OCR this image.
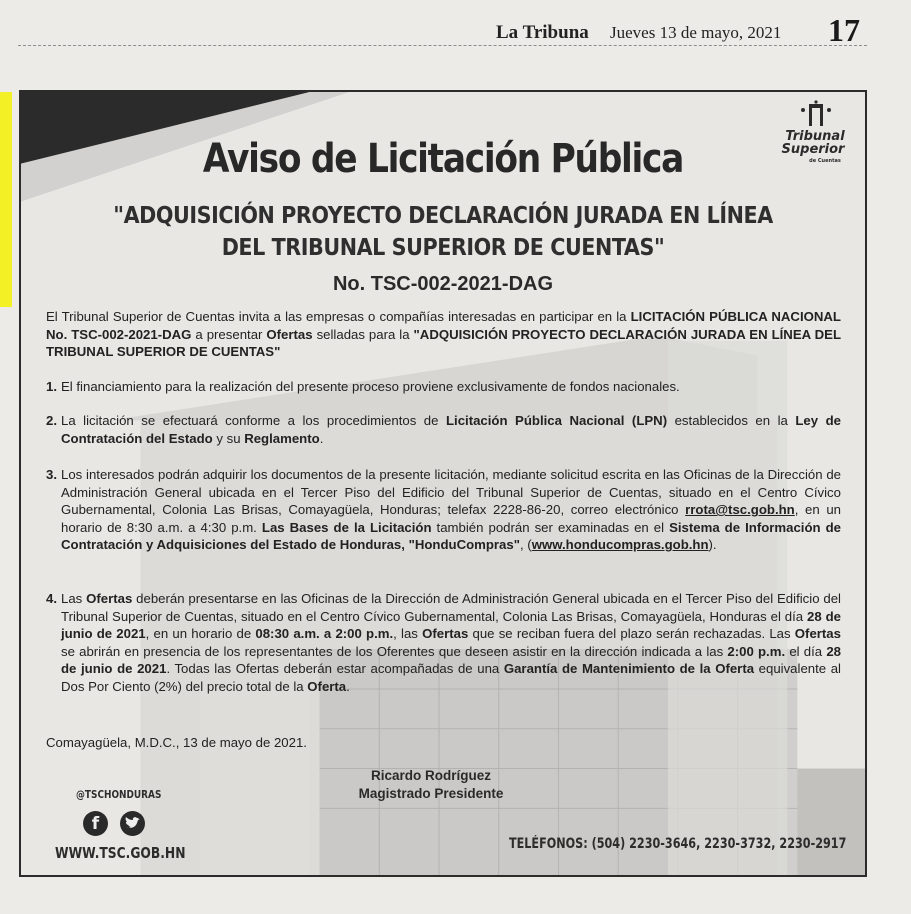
La Tribuna Jueves 13 de mayo, 2021 17
Tribunal
Superior
de Cuentas
Aviso de Licitación Pública
"ADQUISICIÓN PROYECTO DECLARACIÓN JURADA EN LÍNEA
DEL TRIBUNAL SUPERIOR DE CUENTAS"
No. TSC-002-2021-DAG
El Tribunal Superior de Cuentas invita a las empresas o compañías interesadas en participar en la LICITACIÓN PÚBLICA NACIONAL No. TSC-002-2021-DAG a presentar Ofertas selladas para la "ADQUISICIÓN PROYECTO DECLARACIÓN JURADA EN LÍNEA DEL TRIBUNAL SUPERIOR DE CUENTAS"
1. El financiamiento para la realización del presente proceso proviene exclusivamente de fondos nacionales.
2. La licitación se efectuará conforme a los procedimientos de Licitación Pública Nacional (LPN) establecidos en la Ley de Contratación del Estado y su Reglamento.
3. Los interesados podrán adquirir los documentos de la presente licitación, mediante solicitud escrita en las Oficinas de la Dirección de Administración General ubicada en el Tercer Piso del Edificio del Tribunal Superior de Cuentas, situado en el Centro Cívico Gubernamental, Colonia Las Brisas, Comayagüela, Honduras; telefax 2228-86-20, correo electrónico rrota@tsc.gob.hn, en un horario de 8:30 a.m. a 4:30 p.m. Las Bases de la Licitación también podrán ser examinadas en el Sistema de Información de Contratación y Adquisiciones del Estado de Honduras, "HonduCompras", (www.honducompras.gob.hn).
4. Las Ofertas deberán presentarse en las Oficinas de la Dirección de Administración General ubicada en el Tercer Piso del Edificio del Tribunal Superior de Cuentas, situado en el Centro Cívico Gubernamental, Colonia Las Brisas, Comayagüela, Honduras el día 28 de junio de 2021, en un horario de 08:30 a.m. a 2:00 p.m., las Ofertas que se reciban fuera del plazo serán rechazadas. Las Ofertas se abrirán en presencia de los representantes de los Oferentes que deseen asistir en la dirección indicada a las 2:00 p.m. el día 28 de junio de 2021. Todas las Ofertas deberán estar acompañadas de una Garantía de Mantenimiento de la Oferta equivalente al Dos Por Ciento (2%) del precio total de la Oferta.
Comayagüela, M.D.C., 13 de mayo de 2021.
Ricardo Rodríguez
Magistrado Presidente
@TSCHONDURAS
f
WWW.TSC.GOB.HN	TELÉFONOS: (504) 2230-3646, 2230-3732, 2230-2917
